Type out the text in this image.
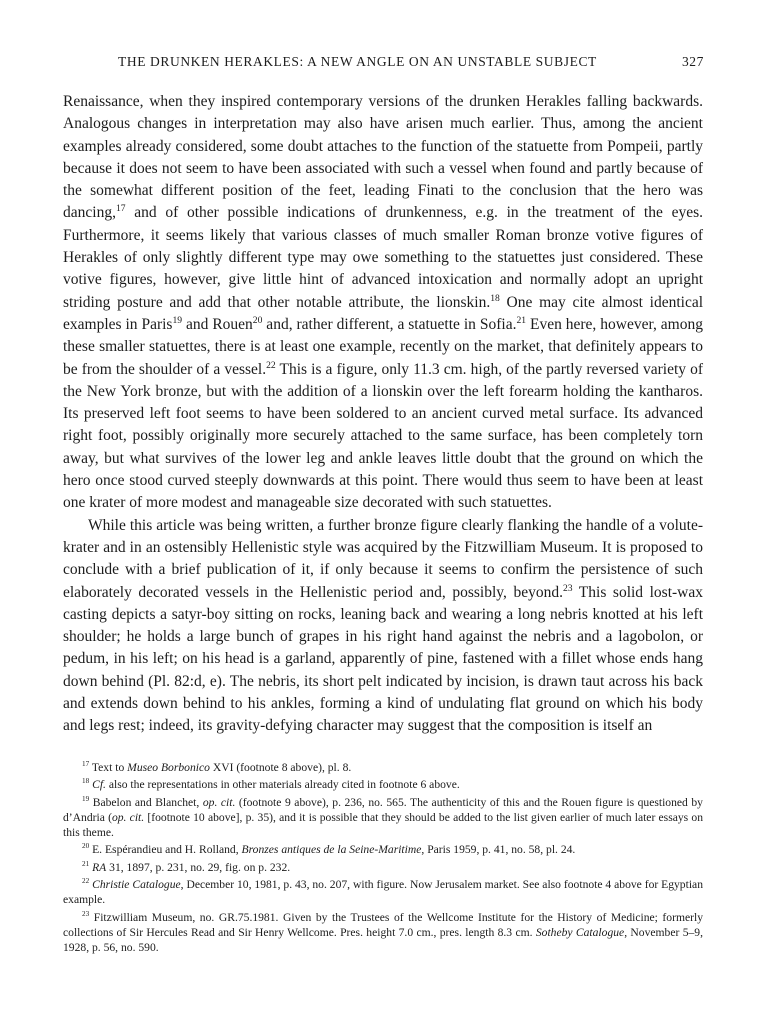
THE DRUNKEN HERAKLES: A NEW ANGLE ON AN UNSTABLE SUBJECT	327

Renaissance, when they inspired contemporary versions of the drunken Herakles falling backwards. Analogous changes in interpretation may also have arisen much earlier. Thus, among the ancient examples already considered, some doubt attaches to the function of the statuette from Pompeii, partly because it does not seem to have been associated with such a vessel when found and partly because of the somewhat different position of the feet, leading Finati to the conclusion that the hero was dancing,$^{17}$ and of other possible indications of drunkenness, e.g. in the treatment of the eyes. Furthermore, it seems likely that various classes of much smaller Roman bronze votive figures of Herakles of only slightly different type may owe something to the statuettes just considered. These votive figures, however, give little hint of advanced intoxication and normally adopt an upright striding posture and add that other notable attribute, the lionskin.$^{18}$ One may cite almost identical examples in Paris$^{19}$ and Rouen$^{20}$ and, rather different, a statuette in Sofia.$^{21}$ Even here, however, among these smaller statuettes, there is at least one example, recently on the market, that definitely appears to be from the shoulder of a vessel.$^{22}$ This is a figure, only 11.3 cm. high, of the partly reversed variety of the New York bronze, but with the addition of a lionskin over the left forearm holding the kantharos. Its preserved left foot seems to have been soldered to an ancient curved metal surface. Its advanced right foot, possibly originally more securely attached to the same surface, has been completely torn away, but what survives of the lower leg and ankle leaves little doubt that the ground on which the hero once stood curved steeply downwards at this point. There would thus seem to have been at least one krater of more modest and manageable size decorated with such statuettes.

While this article was being written, a further bronze figure clearly flanking the handle of a volute-krater and in an ostensibly Hellenistic style was acquired by the Fitzwilliam Museum. It is proposed to conclude with a brief publication of it, if only because it seems to confirm the persistence of such elaborately decorated vessels in the Hellenistic period and, possibly, beyond.$^{23}$ This solid lost-wax casting depicts a satyr-boy sitting on rocks, leaning back and wearing a long nebris knotted at his left shoulder; he holds a large bunch of grapes in his right hand against the nebris and a lagobolon, or pedum, in his left; on his head is a garland, apparently of pine, fastened with a fillet whose ends hang down behind (Pl. 82:d, e). The nebris, its short pelt indicated by incision, is drawn taut across his back and extends down behind to his ankles, forming a kind of undulating flat ground on which his body and legs rest; indeed, its gravity-defying character may suggest that the composition is itself an

$^{17}$ Text to Museo Borbonico XVI (footnote 8 above), pl. 8.

$^{18}$ Cf. also the representations in other materials already cited in footnote 6 above.

$^{19}$ Babelon and Blanchet, op. cit. (footnote 9 above), p. 236, no. 565. The authenticity of this and the Rouen figure is questioned by d’Andria (op. cit. [footnote 10 above], p. 35), and it is possible that they should be added to the list given earlier of much later essays on this theme.

$^{20}$ E. Espérandieu and H. Rolland, Bronzes antiques de la Seine-Maritime, Paris 1959, p. 41, no. 58, pl. 24.

$^{21}$ RA 31, 1897, p. 231, no. 29, fig. on p. 232.

$^{22}$ Christie Catalogue, December 10, 1981, p. 43, no. 207, with figure. Now Jerusalem market. See also footnote 4 above for Egyptian example.

$^{23}$ Fitzwilliam Museum, no. GR.75.1981. Given by the Trustees of the Wellcome Institute for the History of Medicine; formerly collections of Sir Hercules Read and Sir Henry Wellcome. Pres. height 7.0 cm., pres. length 8.3 cm. Sotheby Catalogue, November 5–9, 1928, p. 56, no. 590.
